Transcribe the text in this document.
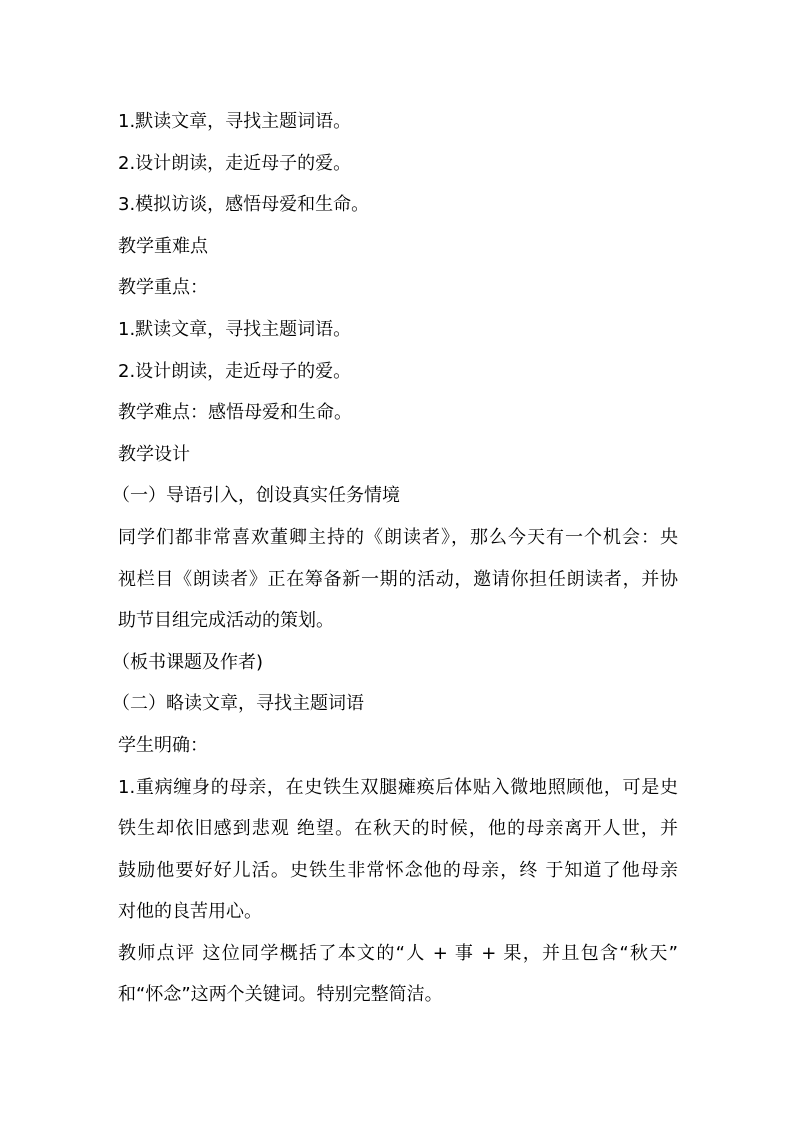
1.默读文章，寻找主题词语。

2.设计朗读，走近母子的爱。

3.模拟访谈，感悟母爱和生命。

教学重难点

教学重点：

1.默读文章，寻找主题词语。

2.设计朗读，走近母子的爱。

教学难点：感悟母爱和生命。

教学设计

（一）导语引入，创设真实任务情境

同学们都非常喜欢董卿主持的《朗读者》，那么今天有一个机会：央
视栏目《朗读者》正在筹备新一期的活动，邀请你担任朗读者，并协
助节目组完成活动的策划。

（板书课题及作者)

（二）略读文章，寻找主题词语

学生明确：

1.重病缠身的母亲，在史铁生双腿瘫痪后体贴入微地照顾他，可是史
铁生却依旧感到悲观 绝望。在秋天的时候，他的母亲离开人世，并
鼓励他要好好儿活。史铁生非常怀念他的母亲，终 于知道了他母亲
对他的良苦用心。
教师点评 这位同学概括了本文的“人 + 事 + 果，并且包含“秋天”
和“怀念”这两个关键词。特别完整简洁。
